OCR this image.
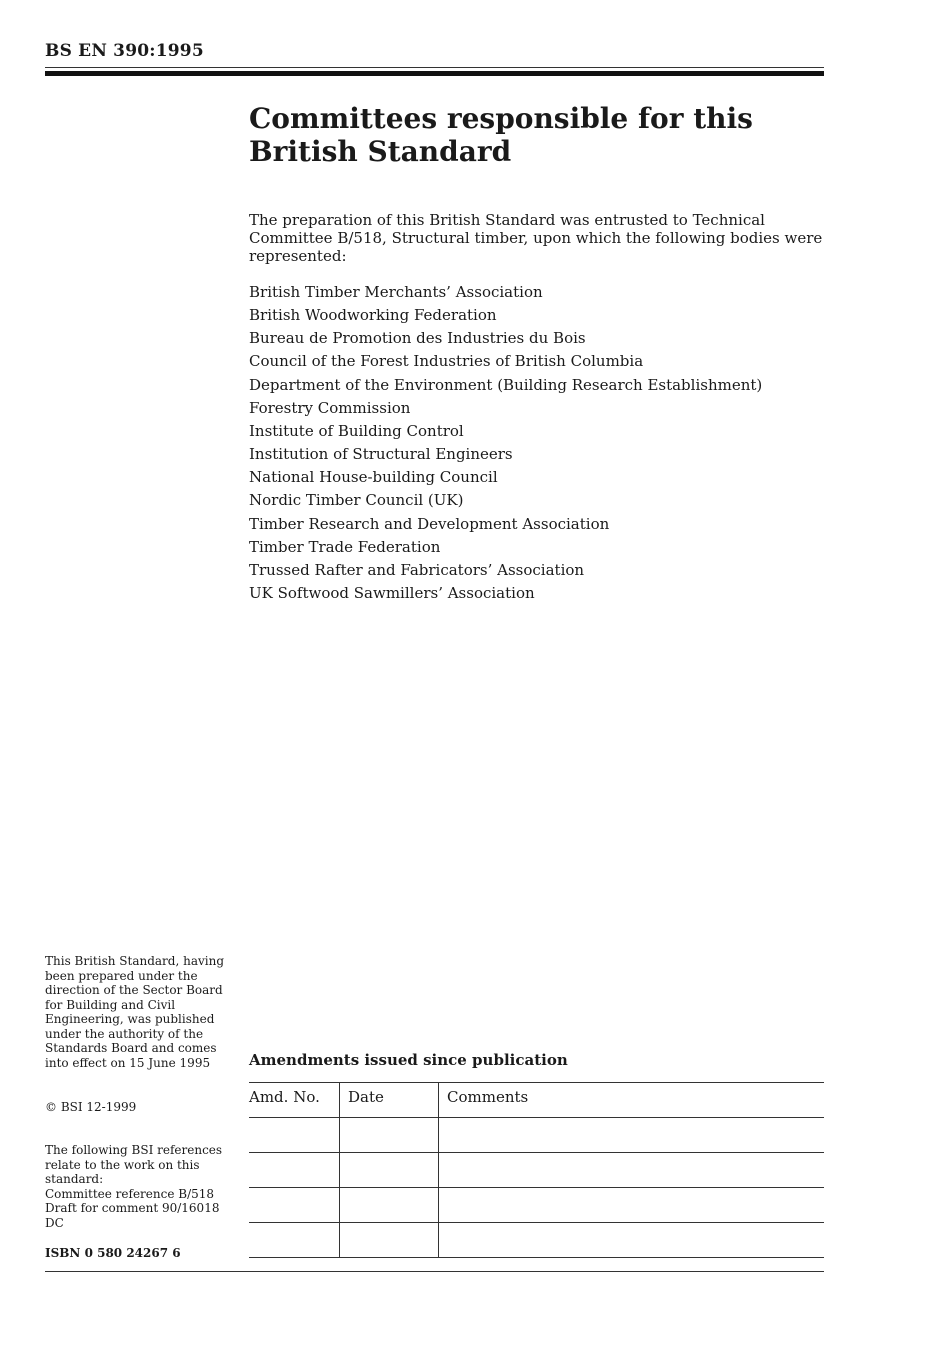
BS EN 390:1995
Committees responsible for this British Standard

The preparation of this British Standard was entrusted to Technical Committee B/518, Structural timber, upon which the following bodies were represented:

British Timber Merchants’ Association
British Woodworking Federation
Bureau de Promotion des Industries du Bois
Council of the Forest Industries of British Columbia
Department of the Environment (Building Research Establishment)
Forestry Commission
Institute of Building Control
Institution of Structural Engineers
National House-building Council
Nordic Timber Council (UK)
Timber Research and Development Association
Timber Trade Federation
Trussed Rafter and Fabricators’ Association
UK Softwood Sawmillers’ Association

This British Standard, having been prepared under the direction of the Sector Board for Building and Civil Engineering, was published under the authority of the Standards Board and comes into effect on 15 June 1995

© BSI 12-1999

The following BSI references relate to the work on this standard:

Committee reference B/518

Draft for comment 90/16018 DC

ISBN 0 580 24267 6

Amendments issued since publication
Amd. No.	Date	Comments
